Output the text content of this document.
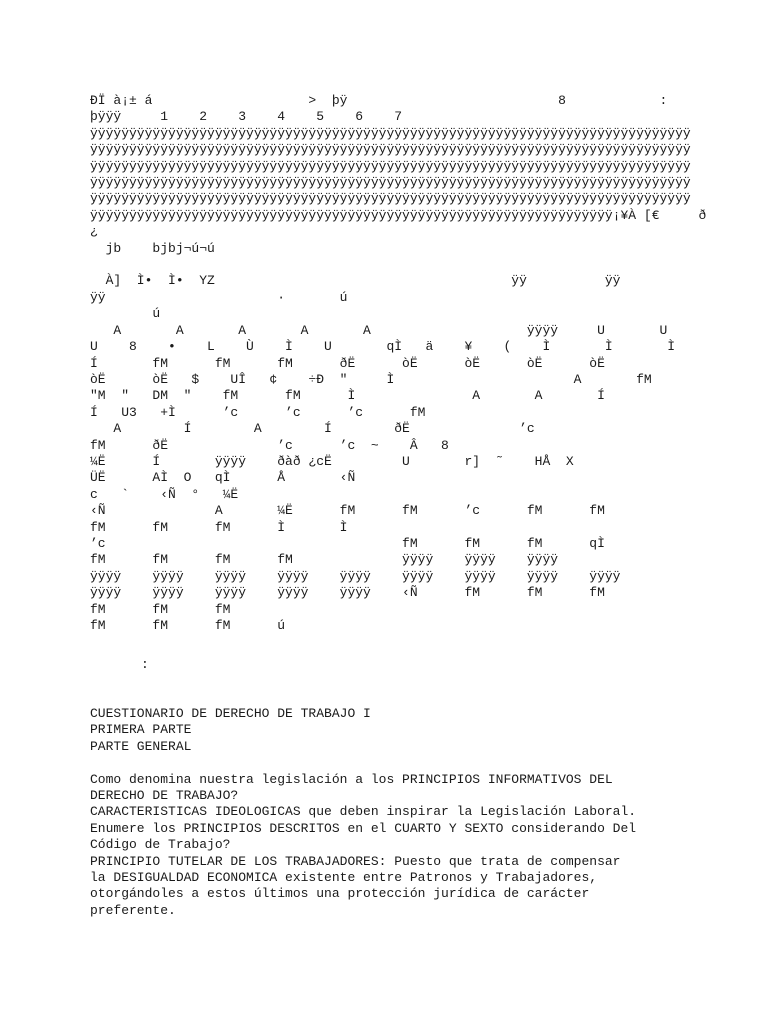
ÐÏ à¡± á                    >  þÿ                           8            :
þÿÿÿ     1    2    3    4    5    6    7
ÿÿÿÿÿÿÿÿÿÿÿÿÿÿÿÿÿÿÿÿÿÿÿÿÿÿÿÿÿÿÿÿÿÿÿÿÿÿÿÿÿÿÿÿÿÿÿÿÿÿÿÿÿÿÿÿÿÿÿÿÿÿÿÿÿÿÿÿÿÿÿÿÿÿÿÿÿ
ÿÿÿÿÿÿÿÿÿÿÿÿÿÿÿÿÿÿÿÿÿÿÿÿÿÿÿÿÿÿÿÿÿÿÿÿÿÿÿÿÿÿÿÿÿÿÿÿÿÿÿÿÿÿÿÿÿÿÿÿÿÿÿÿÿÿÿÿÿÿÿÿÿÿÿÿÿ
ÿÿÿÿÿÿÿÿÿÿÿÿÿÿÿÿÿÿÿÿÿÿÿÿÿÿÿÿÿÿÿÿÿÿÿÿÿÿÿÿÿÿÿÿÿÿÿÿÿÿÿÿÿÿÿÿÿÿÿÿÿÿÿÿÿÿÿÿÿÿÿÿÿÿÿÿÿ
ÿÿÿÿÿÿÿÿÿÿÿÿÿÿÿÿÿÿÿÿÿÿÿÿÿÿÿÿÿÿÿÿÿÿÿÿÿÿÿÿÿÿÿÿÿÿÿÿÿÿÿÿÿÿÿÿÿÿÿÿÿÿÿÿÿÿÿÿÿÿÿÿÿÿÿÿÿ
ÿÿÿÿÿÿÿÿÿÿÿÿÿÿÿÿÿÿÿÿÿÿÿÿÿÿÿÿÿÿÿÿÿÿÿÿÿÿÿÿÿÿÿÿÿÿÿÿÿÿÿÿÿÿÿÿÿÿÿÿÿÿÿÿÿÿÿÿÿÿÿÿÿÿÿÿÿ
ÿÿÿÿÿÿÿÿÿÿÿÿÿÿÿÿÿÿÿÿÿÿÿÿÿÿÿÿÿÿÿÿÿÿÿÿÿÿÿÿÿÿÿÿÿÿÿÿÿÿÿÿÿÿÿÿÿÿÿÿÿÿÿÿÿÿÿ¡¥À [€     ð
¿
jb    bjbj¬ú¬ú

À]  Ì•  Ì•  YZ                                      ÿÿ          ÿÿ
ÿÿ                      ·       ú
ú
A       A       A       A       A                    ÿÿÿÿ     U       U
U    8    •    L    Ù    Ì    U       qÌ   ä    ¥    (    Ì       Ì       Ì
Í       fM      fM      fM      ðË      òË      òË      òË      òË
òË      òË   $    UÎ   ¢    ÷Ð  ″     Ì                       A       fM
"M  ″   DM  ″    fM      fM      Ì               A       A       Í
Í   U3   +Ì      ’c      ’c      ’c      fM
A        Í        A        Í        ðË              ’c
fM      ðË              ’c      ’c  ~    Â   8
¼Ë      Í       ÿÿÿÿ    ðàð ¿cË         U       r]  ˜    HÅ  X
ÜË      AÌ  O   qÌ      Å       ‹Ñ
c   `    ‹Ñ  °   ¼Ë
‹Ñ              A       ¼Ë      fM      fM      ’c      fM      fM
fM      fM      fM      Ì       Ì
’c                                      fM      fM      fM      qÌ
fM      fM      fM      fM              ÿÿÿÿ    ÿÿÿÿ    ÿÿÿÿ
ÿÿÿÿ    ÿÿÿÿ    ÿÿÿÿ    ÿÿÿÿ    ÿÿÿÿ    ÿÿÿÿ    ÿÿÿÿ    ÿÿÿÿ    ÿÿÿÿ
ÿÿÿÿ    ÿÿÿÿ    ÿÿÿÿ    ÿÿÿÿ    ÿÿÿÿ    ‹Ñ      fM      fM      fM
fM      fM      fM
fM      fM      fM      ú

:

CUESTIONARIO DE DERECHO DE TRABAJO I

PRIMERA PARTE

PARTE GENERAL

Como denomina nuestra legislación a los PRINCIPIOS INFORMATIVOS DEL

DERECHO DE TRABAJO?

CARACTERISTICAS IDEOLOGICAS que deben inspirar la Legislación Laboral.

Enumere los PRINCIPIOS DESCRITOS en el CUARTO Y SEXTO considerando Del

Código de Trabajo?

PRINCIPIO TUTELAR DE LOS TRABAJADORES: Puesto que trata de compensar

la DESIGUALDAD ECONOMICA existente entre Patronos y Trabajadores,

otorgándoles a estos últimos una protección jurídica de carácter

preferente.
